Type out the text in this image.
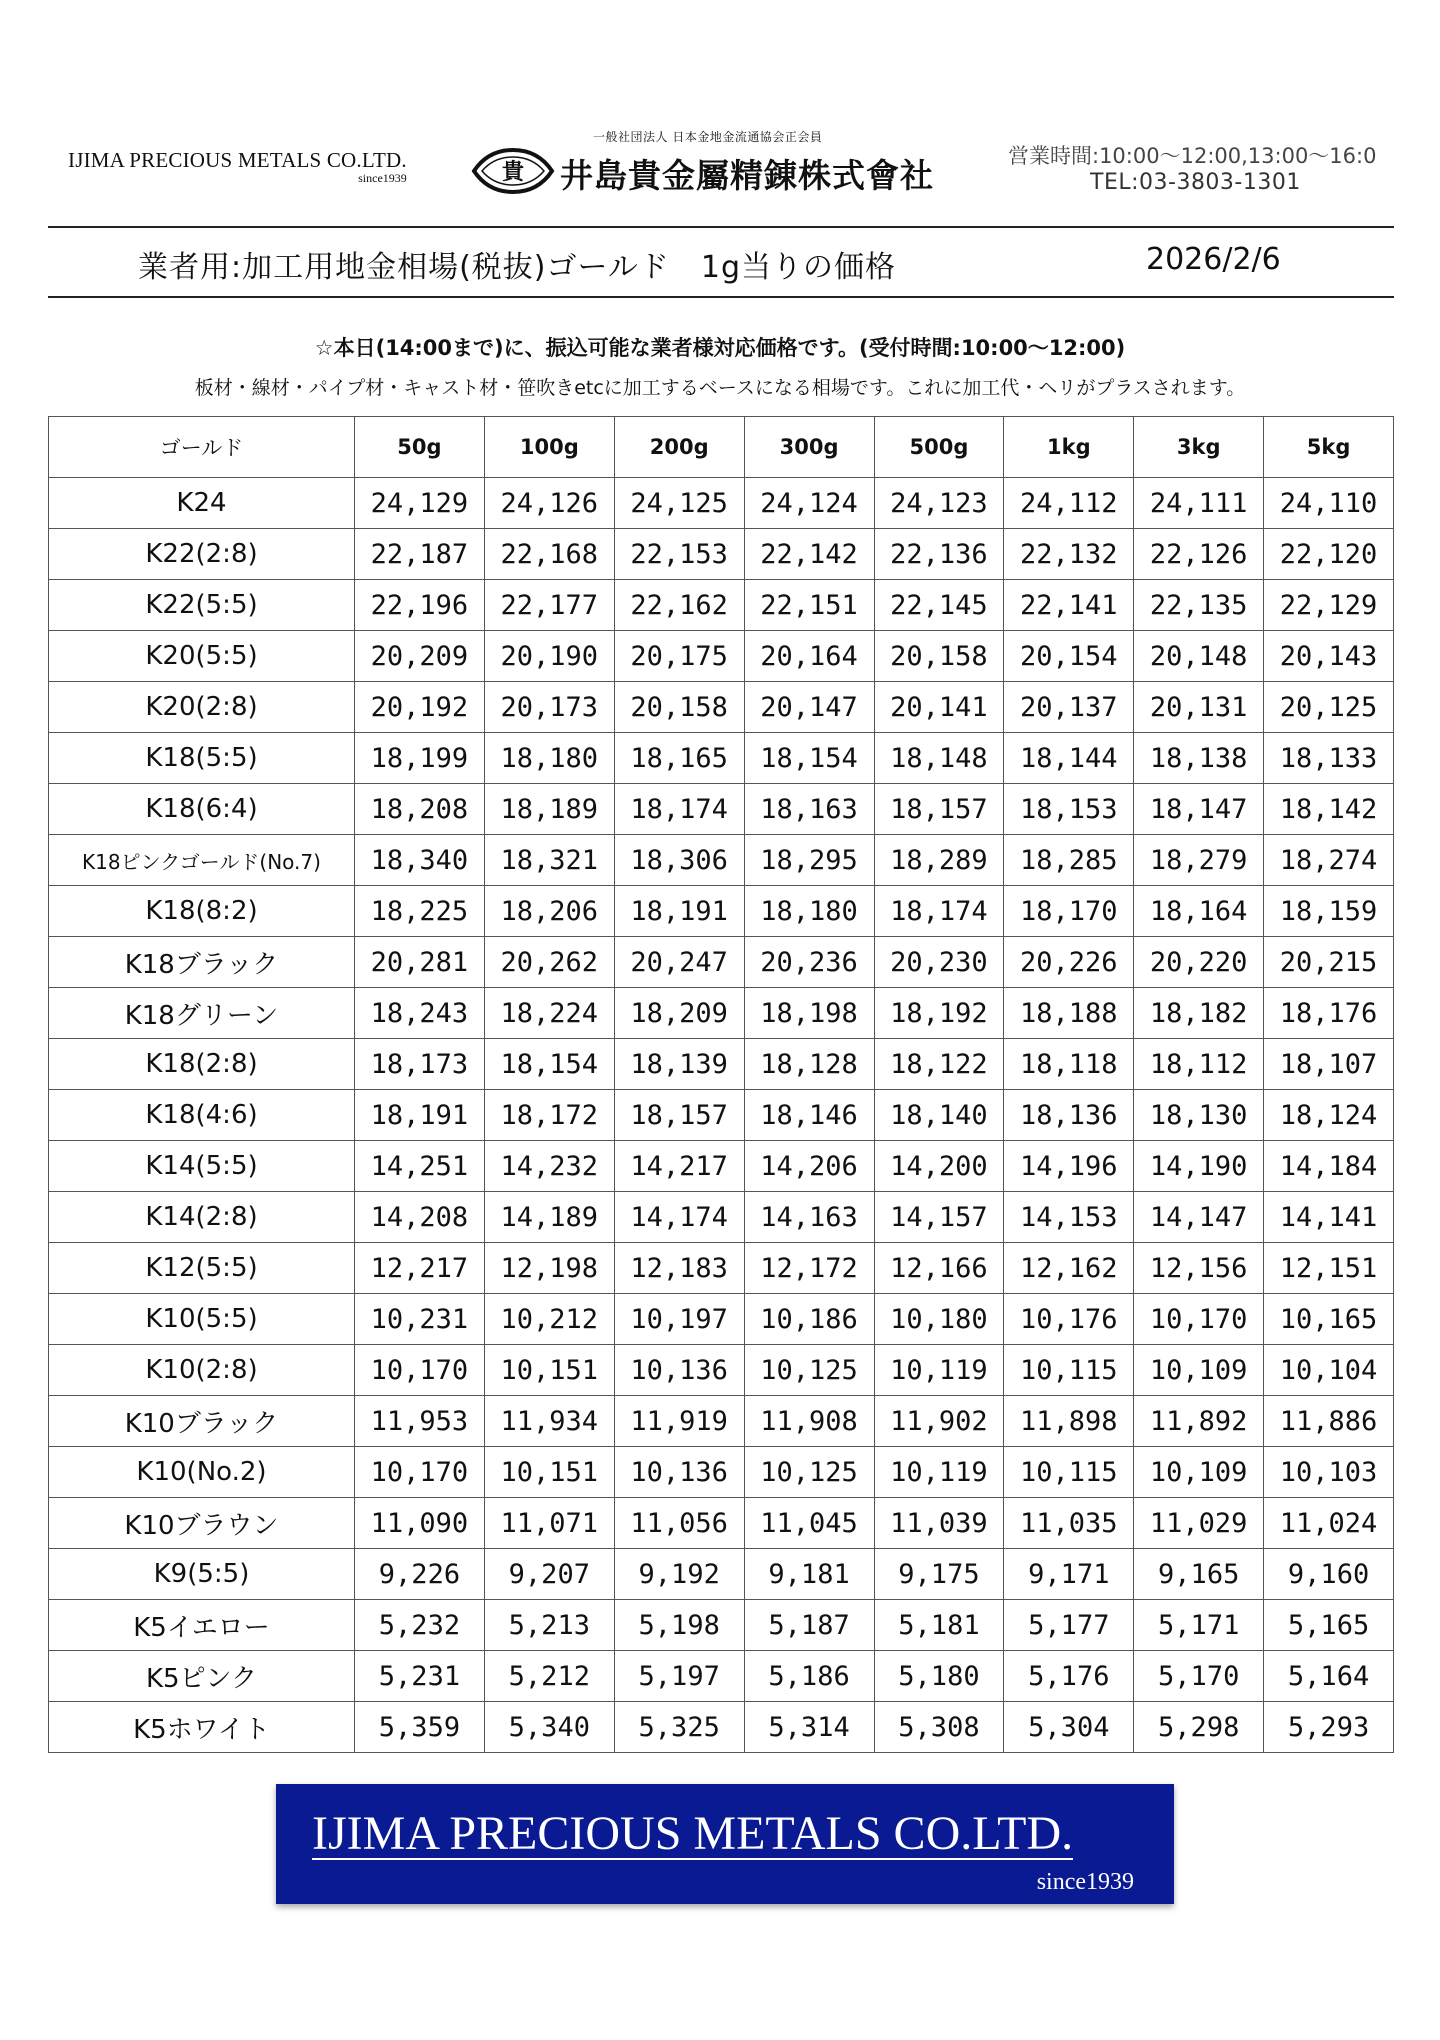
IJIMA PRECIOUS METALS CO.LTD.
since1939
一般社団法人 日本金地金流通協会正会員
貴 井島貴金屬精錬株式會社	営業時間:10:00～12:00,13:00～16:0
TEL:03-3803-1301
業者用:加工用地金相場(税抜)ゴールド　1g当りの価格	2026/2/6
☆本日(14:00まで)に、振込可能な業者様対応価格です。(受付時間:10:00～12:00)
板材・線材・パイプ材・キャスト材・笹吹きetcに加工するベースになる相場です。これに加工代・ヘリがプラスされます。
ゴールド	50g	100g	200g	300g	500g	1kg	3kg	5kg
K24	24,129	24,126	24,125	24,124	24,123	24,112	24,111	24,110
K22(2:8)	22,187	22,168	22,153	22,142	22,136	22,132	22,126	22,120
K22(5:5)	22,196	22,177	22,162	22,151	22,145	22,141	22,135	22,129
K20(5:5)	20,209	20,190	20,175	20,164	20,158	20,154	20,148	20,143
K20(2:8)	20,192	20,173	20,158	20,147	20,141	20,137	20,131	20,125
K18(5:5)	18,199	18,180	18,165	18,154	18,148	18,144	18,138	18,133
K18(6:4)	18,208	18,189	18,174	18,163	18,157	18,153	18,147	18,142
K18ピンクゴールド(No.7)	18,340	18,321	18,306	18,295	18,289	18,285	18,279	18,274
K18(8:2)	18,225	18,206	18,191	18,180	18,174	18,170	18,164	18,159
K18ブラック	20,281	20,262	20,247	20,236	20,230	20,226	20,220	20,215
K18グリーン	18,243	18,224	18,209	18,198	18,192	18,188	18,182	18,176
K18(2:8)	18,173	18,154	18,139	18,128	18,122	18,118	18,112	18,107
K18(4:6)	18,191	18,172	18,157	18,146	18,140	18,136	18,130	18,124
K14(5:5)	14,251	14,232	14,217	14,206	14,200	14,196	14,190	14,184
K14(2:8)	14,208	14,189	14,174	14,163	14,157	14,153	14,147	14,141
K12(5:5)	12,217	12,198	12,183	12,172	12,166	12,162	12,156	12,151
K10(5:5)	10,231	10,212	10,197	10,186	10,180	10,176	10,170	10,165
K10(2:8)	10,170	10,151	10,136	10,125	10,119	10,115	10,109	10,104
K10ブラック	11,953	11,934	11,919	11,908	11,902	11,898	11,892	11,886
K10(No.2)	10,170	10,151	10,136	10,125	10,119	10,115	10,109	10,103
K10ブラウン	11,090	11,071	11,056	11,045	11,039	11,035	11,029	11,024
K9(5:5)	9,226	9,207	9,192	9,181	9,175	9,171	9,165	9,160
K5イエロー	5,232	5,213	5,198	5,187	5,181	5,177	5,171	5,165
K5ピンク	5,231	5,212	5,197	5,186	5,180	5,176	5,170	5,164
K5ホワイト	5,359	5,340	5,325	5,314	5,308	5,304	5,298	5,293
IJIMA PRECIOUS METALS CO.LTD.
since1939
